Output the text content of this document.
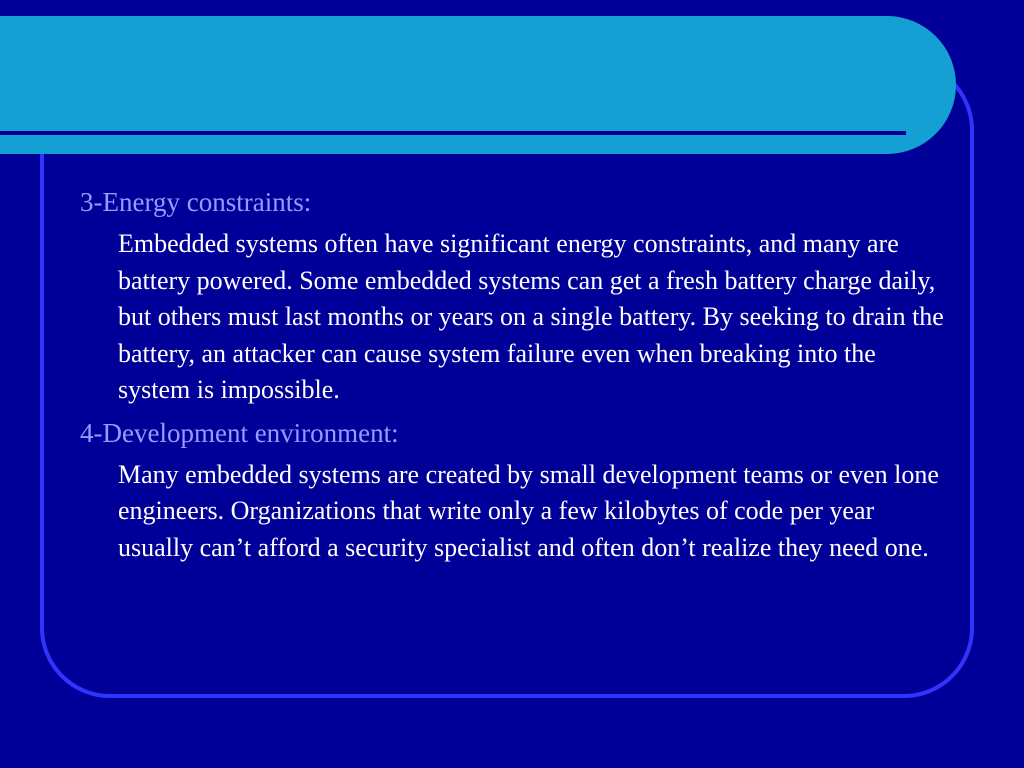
3-Energy constraints:

Embedded systems often have significant energy constraints, and many are battery powered. Some embedded systems can get a fresh battery charge daily, but others must last months or years on a single battery. By seeking to drain the battery, an attacker can cause system failure even when breaking into the system is impossible.

4-Development environment:

Many embedded systems are created by small development teams or even lone engineers. Organizations that write only a few kilobytes of code per year usually can’t afford a security specialist and often don’t realize they need one.
